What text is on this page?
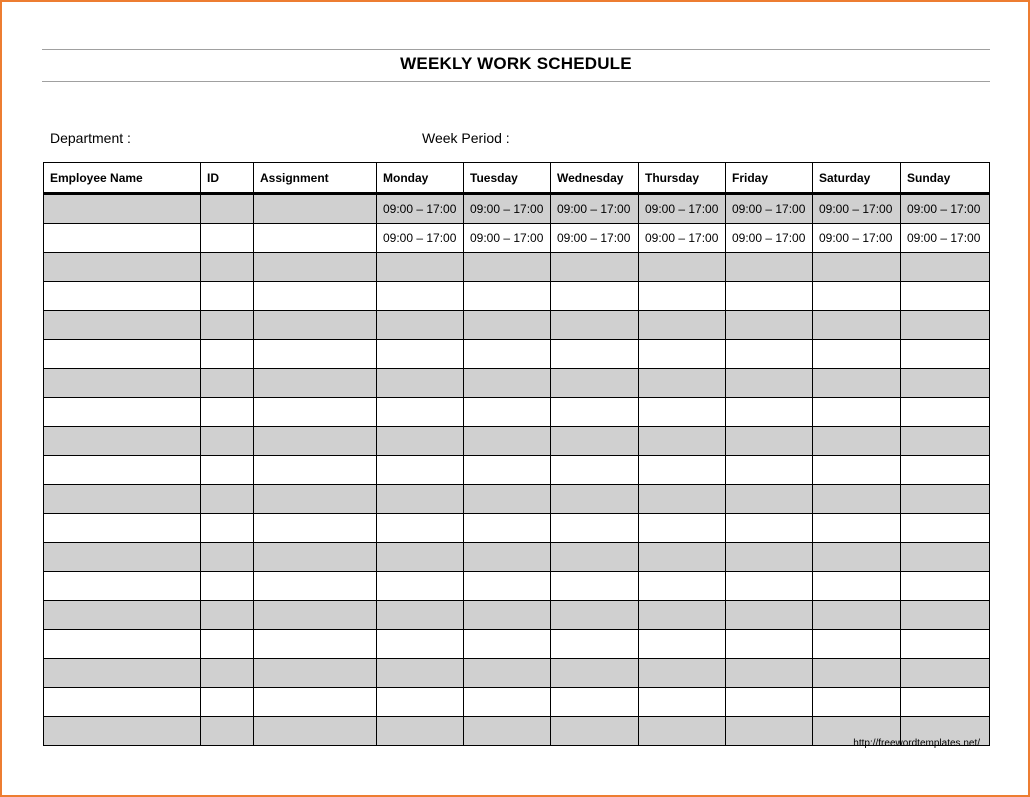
WEEKLY WORK SCHEDULE
Department :	Week Period :
Employee Name	ID	Assignment	Monday	Tuesday	Wednesday	Thursday	Friday	Saturday	Sunday
			09:00 – 17:00	09:00 – 17:00	09:00 – 17:00	09:00 – 17:00	09:00 – 17:00	09:00 – 17:00	09:00 – 17:00
			09:00 – 17:00	09:00 – 17:00	09:00 – 17:00	09:00 – 17:00	09:00 – 17:00	09:00 – 17:00	09:00 – 17:00

http://freewordtemplates.net/
